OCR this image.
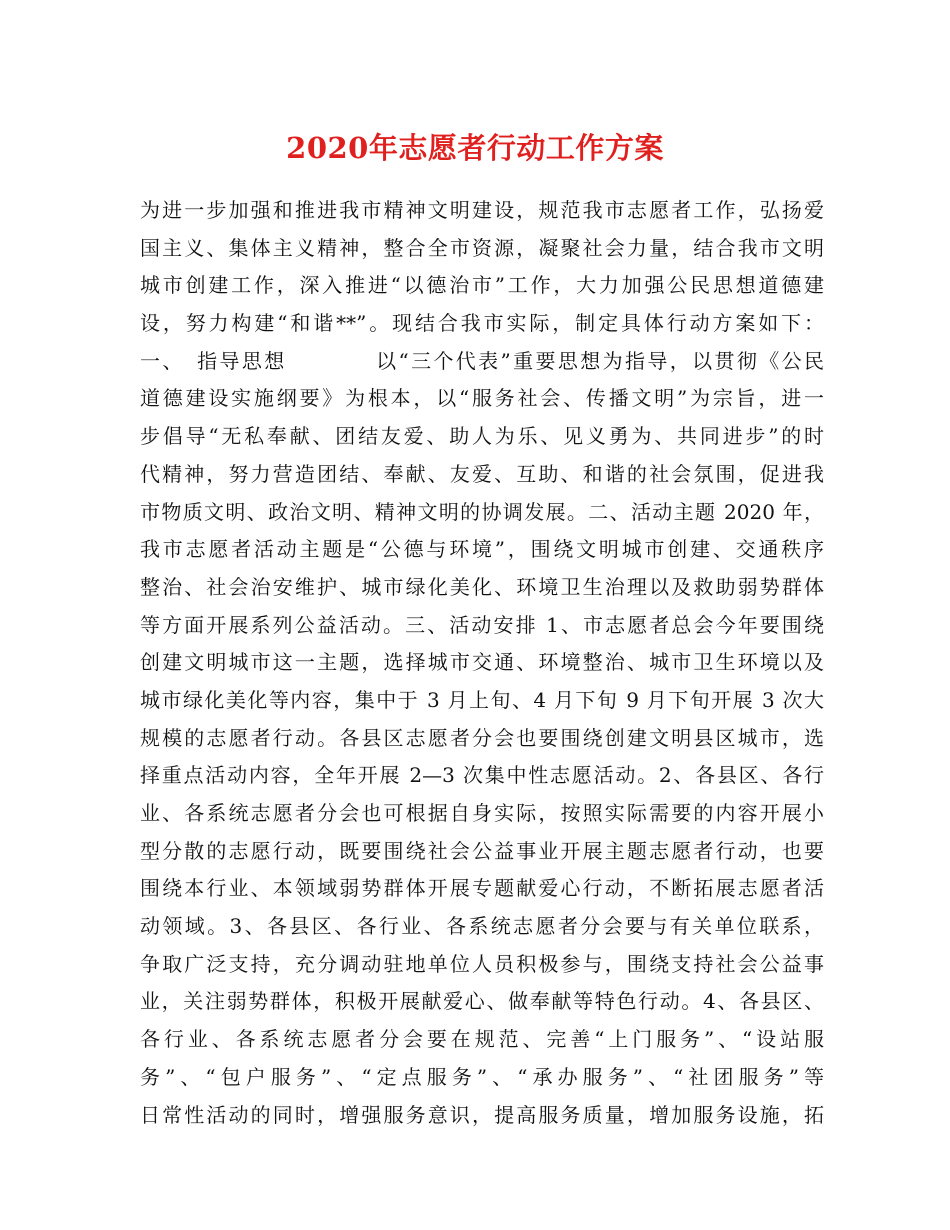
2020年志愿者行动工作方案
为进一步加强和推进我市精神文明建设，规范我市志愿者工作，弘扬爱
国主义、集体主义精神，整合全市资源，凝聚社会力量，结合我市文明
城市创建工作，深入推进“以德治市”工作，大力加强公民思想道德建
设，努力构建“和谐**”。现结合我市实际，制定具体行动方案如下：
一、　指导思想　　　　以“三个代表”重要思想为指导，以贯彻《公民
道德建设实施纲要》为根本，以“服务社会、传播文明”为宗旨，进一
步倡导“无私奉献、团结友爱、助人为乐、见义勇为、共同进步”的时
代精神，努力营造团结、奉献、友爱、互助、和谐的社会氛围，促进我
市物质文明、政治文明、精神文明的协调发展。二、活动主题 2020 年，
我市志愿者活动主题是“公德与环境”，围绕文明城市创建、交通秩序
整治、社会治安维护、城市绿化美化、环境卫生治理以及救助弱势群体
等方面开展系列公益活动。三、活动安排 1、市志愿者总会今年要围绕
创建文明城市这一主题，选择城市交通、环境整治、城市卫生环境以及
城市绿化美化等内容，集中于 3 月上旬、4 月下旬 9 月下旬开展 3 次大
规模的志愿者行动。各县区志愿者分会也要围绕创建文明县区城市，选
择重点活动内容，全年开展 2—3 次集中性志愿活动。2、各县区、各行
业、各系统志愿者分会也可根据自身实际，按照实际需要的内容开展小
型分散的志愿行动，既要围绕社会公益事业开展主题志愿者行动，也要
围绕本行业、本领域弱势群体开展专题献爱心行动，不断拓展志愿者活
动领域。3、各县区、各行业、各系统志愿者分会要与有关单位联系，
争取广泛支持，充分调动驻地单位人员积极参与，围绕支持社会公益事
业，关注弱势群体，积极开展献爱心、做奉献等特色行动。4、各县区、
各行业、各系统志愿者分会要在规范、完善“上门服务”、“设站服
务”、“包户服务”、“定点服务”、“承办服务”、“社团服务”等
日常性活动的同时，增强服务意识，提高服务质量，增加服务设施，拓
